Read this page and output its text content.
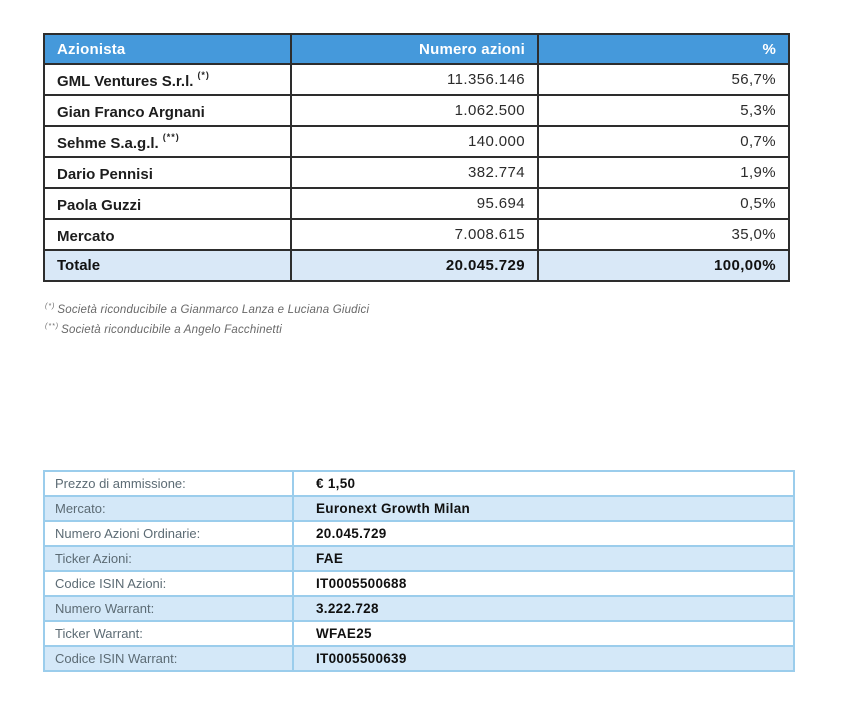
Azionista	Numero azioni	%
GML Ventures S.r.l. (*)	11.356.146	56,7%
Gian Franco Argnani	1.062.500	5,3%
Sehme S.a.g.l. (**)	140.000	0,7%
Dario Pennisi	382.774	1,9%
Paola Guzzi	95.694	0,5%
Mercato	7.008.615	35,0%
Totale	20.045.729	100,00%
(*) Società riconducibile a Gianmarco Lanza e Luciana Giudici
(**) Società riconducibile a Angelo Facchinetti
Prezzo di ammissione:	€ 1,50
Mercato:	Euronext Growth Milan
Numero Azioni Ordinarie:	20.045.729
Ticker Azioni:	FAE
Codice ISIN Azioni:	IT0005500688
Numero Warrant:	3.222.728
Ticker Warrant:	WFAE25
Codice ISIN Warrant:	IT0005500639
